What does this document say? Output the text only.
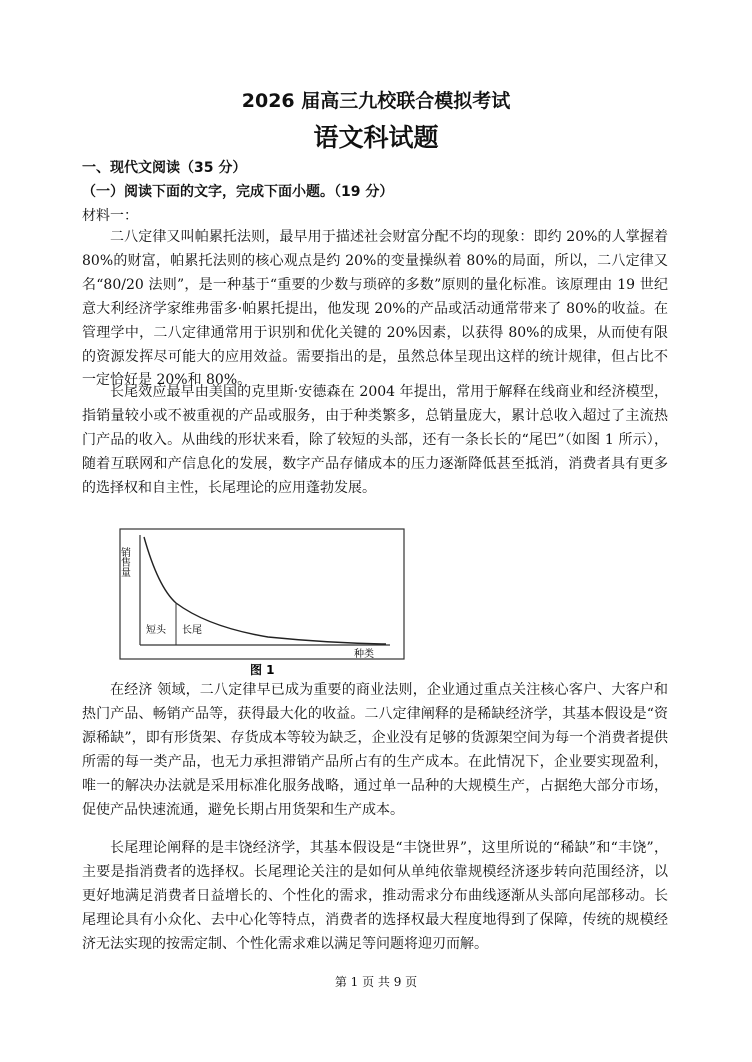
2026 届高三九校联合模拟考试
语文科试题
一、现代文阅读（35 分）
（一）阅读下面的文字，完成下面小题。（19 分）
材料一：

二八定律又叫帕累托法则，最早用于描述社会财富分配不均的现象：即约 20%的人掌握着 80%的财富，帕累托法则的核心观点是约 20%的变量操纵着 80%的局面，所以，二八定律又名“80/20 法则”，是一种基于“重要的少数与琐碎的多数”原则的量化标准。该原理由 19 世纪意大利经济学家维弗雷多·帕累托提出，他发现 20%的产品或活动通常带来了 80%的收益。在管理学中，二八定律通常用于识别和优化关键的 20%因素，以获得 80%的成果，从而使有限的资源发挥尽可能大的应用效益。需要指出的是，虽然总体呈现出这样的统计规律，但占比不一定恰好是 20%和 80%。

长尾效应最早由美国的克里斯·安德森在 2004 年提出，常用于解释在线商业和经济模型，指销量较小或不被重视的产品或服务，由于种类繁多，总销量庞大，累计总收入超过了主流热门产品的收入。从曲线的形状来看，除了较短的头部，还有一条长长的“尾巴”（如图 1 所示），随着互联网和产信息化的发展，数字产品存储成本的压力逐渐降低甚至抵消，消费者具有更多的选择权和自主性，长尾理论的应用蓬勃发展。

销售量
短头 长尾
种类
图 1

在经济 领域，二八定律早已成为重要的商业法则，企业通过重点关注核心客户、大客户和热门产品、畅销产品等，获得最大化的收益。二八定律阐释的是稀缺经济学，其基本假设是“资源稀缺”，即有形货架、存货成本等较为缺乏，企业没有足够的货源架空间为每一个消费者提供所需的每一类产品，也无力承担滞销产品所占有的生产成本。在此情况下，企业要实现盈利，唯一的解决办法就是采用标准化服务战略，通过单一品种的大规模生产，占据绝大部分市场，促使产品快速流通，避免长期占用货架和生产成本。

长尾理论阐释的是丰饶经济学，其基本假设是“丰饶世界”，这里所说的“稀缺”和“丰饶”，主要是指消费者的选择权。长尾理论关注的是如何从单纯依靠规模经济逐步转向范围经济，以更好地满足消费者日益增长的、个性化的需求，推动需求分布曲线逐渐从头部向尾部移动。长尾理论具有小众化、去中心化等特点，消费者的选择权最大程度地得到了保障，传统的规模经济无法实现的按需定制、个性化需求难以满足等问题将迎刃而解。

第 1 页 共 9 页
